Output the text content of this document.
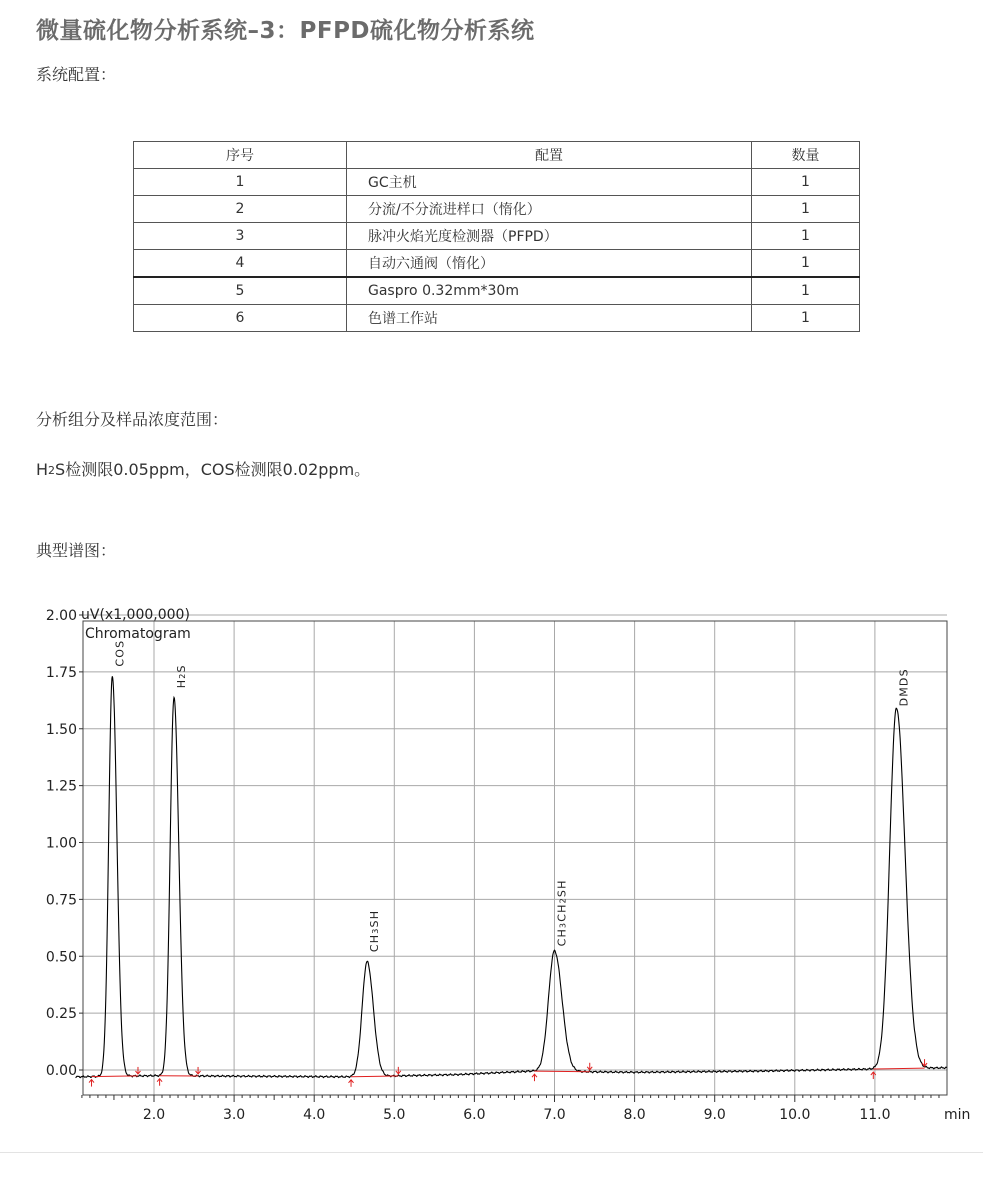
微量硫化物分析系统–3：PFPD硫化物分析系统
系统配置：
序号	配置	数量
1	GC主机	1
2	分流/不分流进样口（惰化）	1
3	脉冲火焰光度检测器（PFPD）	1
4	自动六通阀（惰化）	1
5	Gaspro 0.32mm*30m	1
6	色谱工作站	1
分析组分及样品浓度范围：
H2S检测限0.05ppm，COS检测限0.02ppm。
典型谱图：
2.0	3.0	4.0	5.0	6.0	7.0	8.0	9.0	10.0	11.0
0.00
0.25
0.50
0.75
1.00
1.25
1.50
1.75
2.00 uV(x1,000,000)
Chromatogram
min
COS
H2S
CH3SH
CH3CH2SH
DMDS
